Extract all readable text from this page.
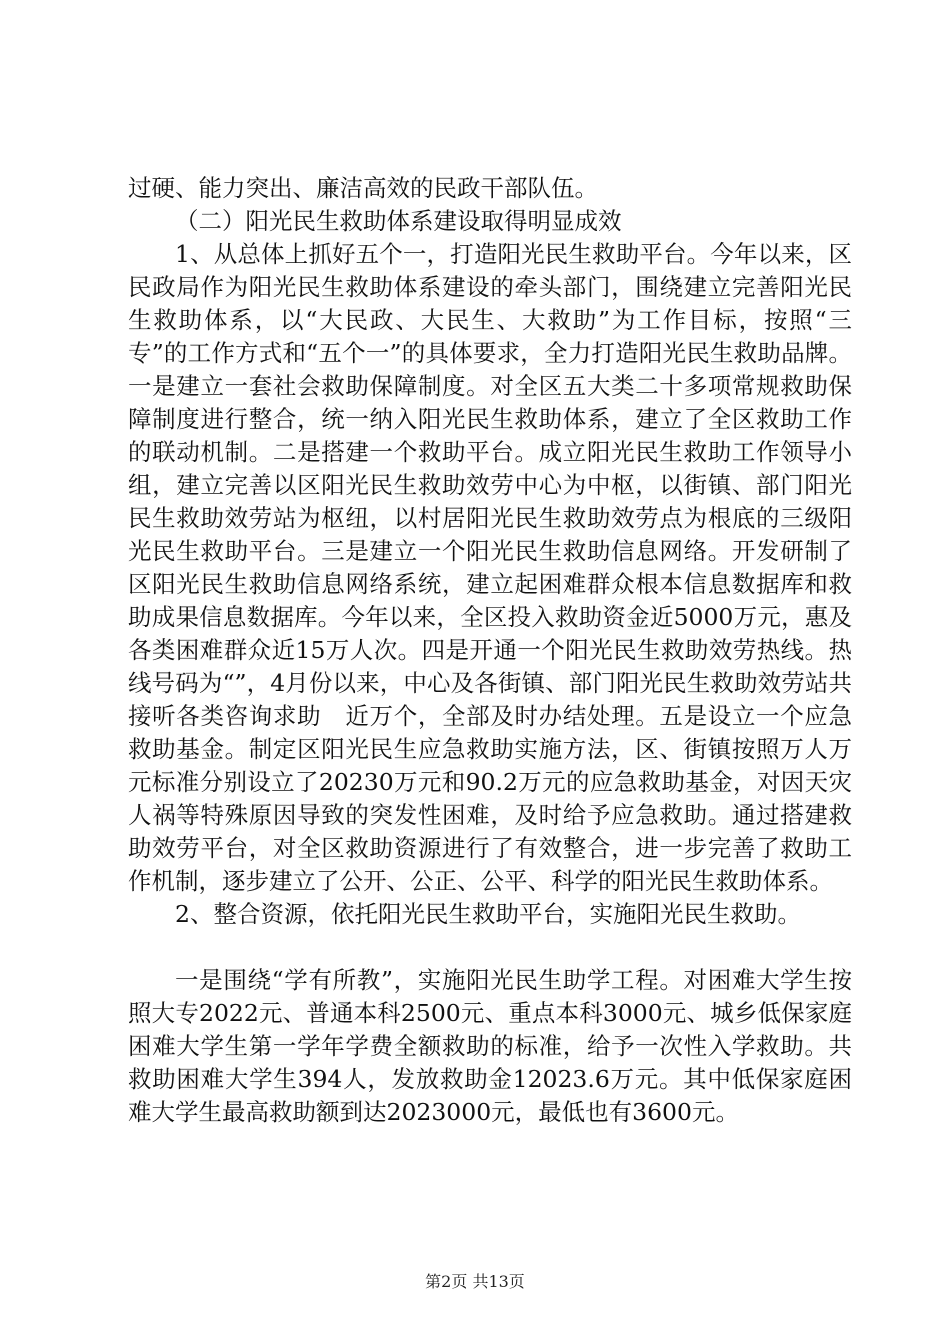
过硬、能力突出、廉洁高效的民政干部队伍。

（二）阳光民生救助体系建设取得明显成效

1、从总体上抓好五个一，打造阳光民生救助平台。今年以来，区民政局作为阳光民生救助体系建设的牵头部门，围绕建立完善阳光民生救助体系，以“大民政、大民生、大救助”为工作目标，按照“三专”的工作方式和“五个一”的具体要求，全力打造阳光民生救助品牌。一是建立一套社会救助保障制度。对全区五大类二十多项常规救助保障制度进行整合，统一纳入阳光民生救助体系，建立了全区救助工作的联动机制。二是搭建一个救助平台。成立阳光民生救助工作领导小组，建立完善以区阳光民生救助效劳中心为中枢，以街镇、部门阳光民生救助效劳站为枢纽，以村居阳光民生救助效劳点为根底的三级阳光民生救助平台。三是建立一个阳光民生救助信息网络。开发研制了区阳光民生救助信息网络系统，建立起困难群众根本信息数据库和救助成果信息数据库。今年以来，全区投入救助资金近5000万元，惠及各类困难群众近15万人次。四是开通一个阳光民生救助效劳热线。热线号码为“”，4月份以来，中心及各街镇、部门阳光民生救助效劳站共接听各类咨询求助　近万个，全部及时办结处理。五是设立一个应急救助基金。制定区阳光民生应急救助实施方法，区、街镇按照万人万元标准分别设立了20230万元和90.2万元的应急救助基金，对因天灾人祸等特殊原因导致的突发性困难，及时给予应急救助。通过搭建救助效劳平台，对全区救助资源进行了有效整合，进一步完善了救助工作机制，逐步建立了公开、公正、公平、科学的阳光民生救助体系。

2、整合资源，依托阳光民生救助平台，实施阳光民生救助。

一是围绕“学有所教”，实施阳光民生助学工程。对困难大学生按照大专2022元、普通本科2500元、重点本科3000元、城乡低保家庭困难大学生第一学年学费全额救助的标准，给予一次性入学救助。共救助困难大学生394人，发放救助金12023.6万元。其中低保家庭困难大学生最高救助额到达2023000元，最低也有3600元。

第2页 共13页
